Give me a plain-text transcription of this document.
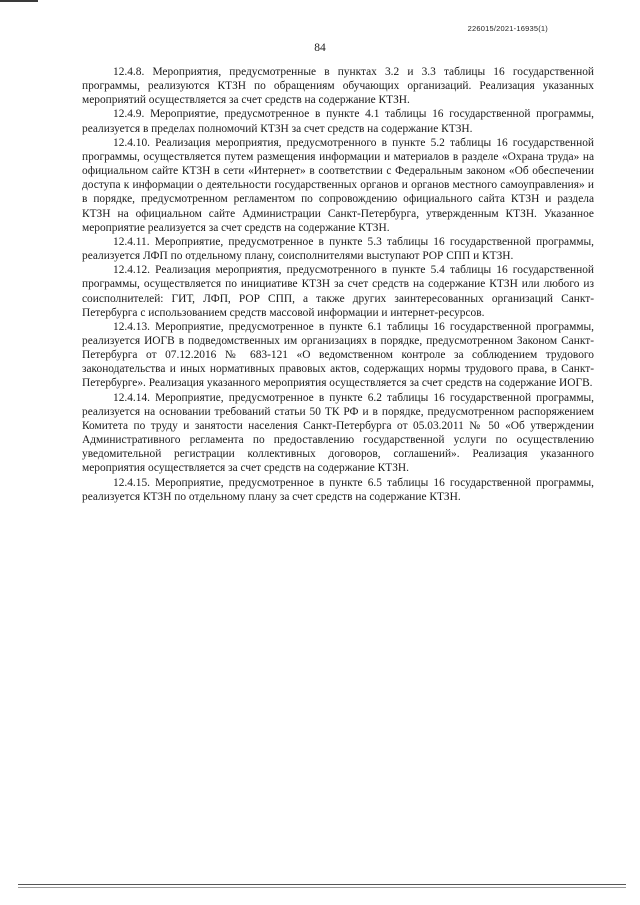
226015/2021-16935(1)
84

12.4.8. Мероприятия, предусмотренные в пунктах 3.2 и 3.3 таблицы 16 государственной программы, реализуются КТЗН по обращениям обучающих организаций. Реализация указанных мероприятий осуществляется за счет средств на содержание КТЗН.

12.4.9. Мероприятие, предусмотренное в пункте 4.1 таблицы 16 государственной программы, реализуется в пределах полномочий КТЗН за счет средств на содержание КТЗН.

12.4.10. Реализация мероприятия, предусмотренного в пункте 5.2 таблицы 16 государственной программы, осуществляется путем размещения информации и материалов в разделе «Охрана труда» на официальном сайте КТЗН в сети «Интернет» в соответствии с Федеральным законом «Об обеспечении доступа к информации о деятельности государственных органов и органов местного самоуправления» и в порядке, предусмотренном регламентом по сопровождению официального сайта КТЗН и раздела КТЗН на официальном сайте Администрации Санкт-Петербурга, утвержденным КТЗН. Указанное мероприятие реализуется за счет средств на содержание КТЗН.

12.4.11. Мероприятие, предусмотренное в пункте 5.3 таблицы 16 государственной программы, реализуется ЛФП по отдельному плану, соисполнителями выступают РОР СПП и КТЗН.

12.4.12. Реализация мероприятия, предусмотренного в пункте 5.4 таблицы 16 государственной программы, осуществляется по инициативе КТЗН за счет средств на содержание КТЗН или любого из соисполнителей: ГИТ, ЛФП, РОР СПП, а также других заинтересованных организаций Санкт-Петербурга с использованием средств массовой информации и интернет-ресурсов.

12.4.13. Мероприятие, предусмотренное в пункте 6.1 таблицы 16 государственной программы, реализуется ИОГВ в подведомственных им организациях в порядке, предусмотренном Законом Санкт-Петербурга от 07.12.2016 № 683-121 «О ведомственном контроле за соблюдением трудового законодательства и иных нормативных правовых актов, содержащих нормы трудового права, в Санкт-Петербурге». Реализация указанного мероприятия осуществляется за счет средств на содержание ИОГВ.

12.4.14. Мероприятие, предусмотренное в пункте 6.2 таблицы 16 государственной программы, реализуется на основании требований статьи 50 ТК РФ и в порядке, предусмотренном распоряжением Комитета по труду и занятости населения Санкт-Петербурга от 05.03.2011 № 50 «Об утверждении Административного регламента по предоставлению государственной услуги по осуществлению уведомительной регистрации коллективных договоров, соглашений». Реализация указанного мероприятия осуществляется за счет средств на содержание КТЗН.

12.4.15. Мероприятие, предусмотренное в пункте 6.5 таблицы 16 государственной программы, реализуется КТЗН по отдельному плану за счет средств на содержание КТЗН.
